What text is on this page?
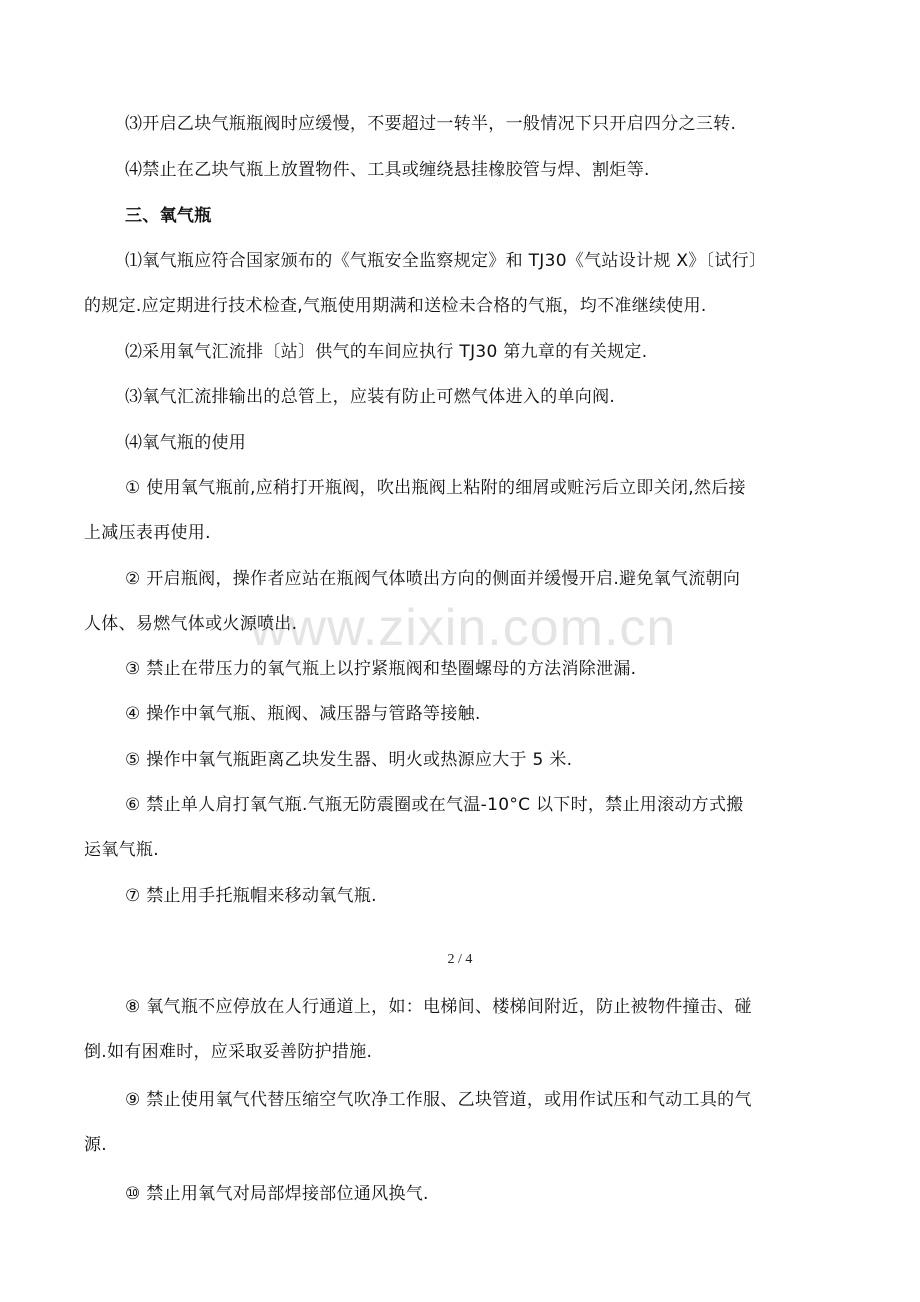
www.zixin.com.cn
⑶开启乙块气瓶瓶阀时应缓慢，不要超过一转半，一般情况下只开启四分之三转.
⑷禁止在乙块气瓶上放置物件、工具或缠绕悬挂橡胶管与焊、割炬等.
三、氧气瓶
⑴氧气瓶应符合国家颁布的《气瓶安全监察规定》和 TJ30《气站设计规 X》〔试行〕
的规定.应定期进行技术检查,气瓶使用期满和送检未合格的气瓶，均不准继续使用.
⑵采用氧气汇流排〔站〕供气的车间应执行 TJ30 第九章的有关规定.
⑶氧气汇流排输出的总管上，应装有防止可燃气体进入的单向阀.
⑷氧气瓶的使用
① 使用氧气瓶前,应稍打开瓶阀，吹出瓶阀上粘附的细屑或赃污后立即关闭,然后接
上减压表再使用.
② 开启瓶阀，操作者应站在瓶阀气体喷出方向的侧面并缓慢开启.避免氧气流朝向
人体、易燃气体或火源喷出.
③ 禁止在带压力的氧气瓶上以拧紧瓶阀和垫圈螺母的方法消除泄漏.
④ 操作中氧气瓶、瓶阀、减压器与管路等接触.
⑤ 操作中氧气瓶距离乙块发生器、明火或热源应大于 5 米.
⑥ 禁止单人肩打氧气瓶.气瓶无防震圈或在气温-10°C 以下时，禁止用滚动方式搬
运氧气瓶.
⑦ 禁止用手托瓶帽来移动氧气瓶.
2 / 4
⑧ 氧气瓶不应停放在人行通道上，如：电梯间、楼梯间附近，防止被物件撞击、碰
倒.如有困难时，应采取妥善防护措施.
⑨ 禁止使用氧气代替压缩空气吹净工作服、乙块管道，或用作试压和气动工具的气
源.
⑩ 禁止用氧气对局部焊接部位通风换气.
